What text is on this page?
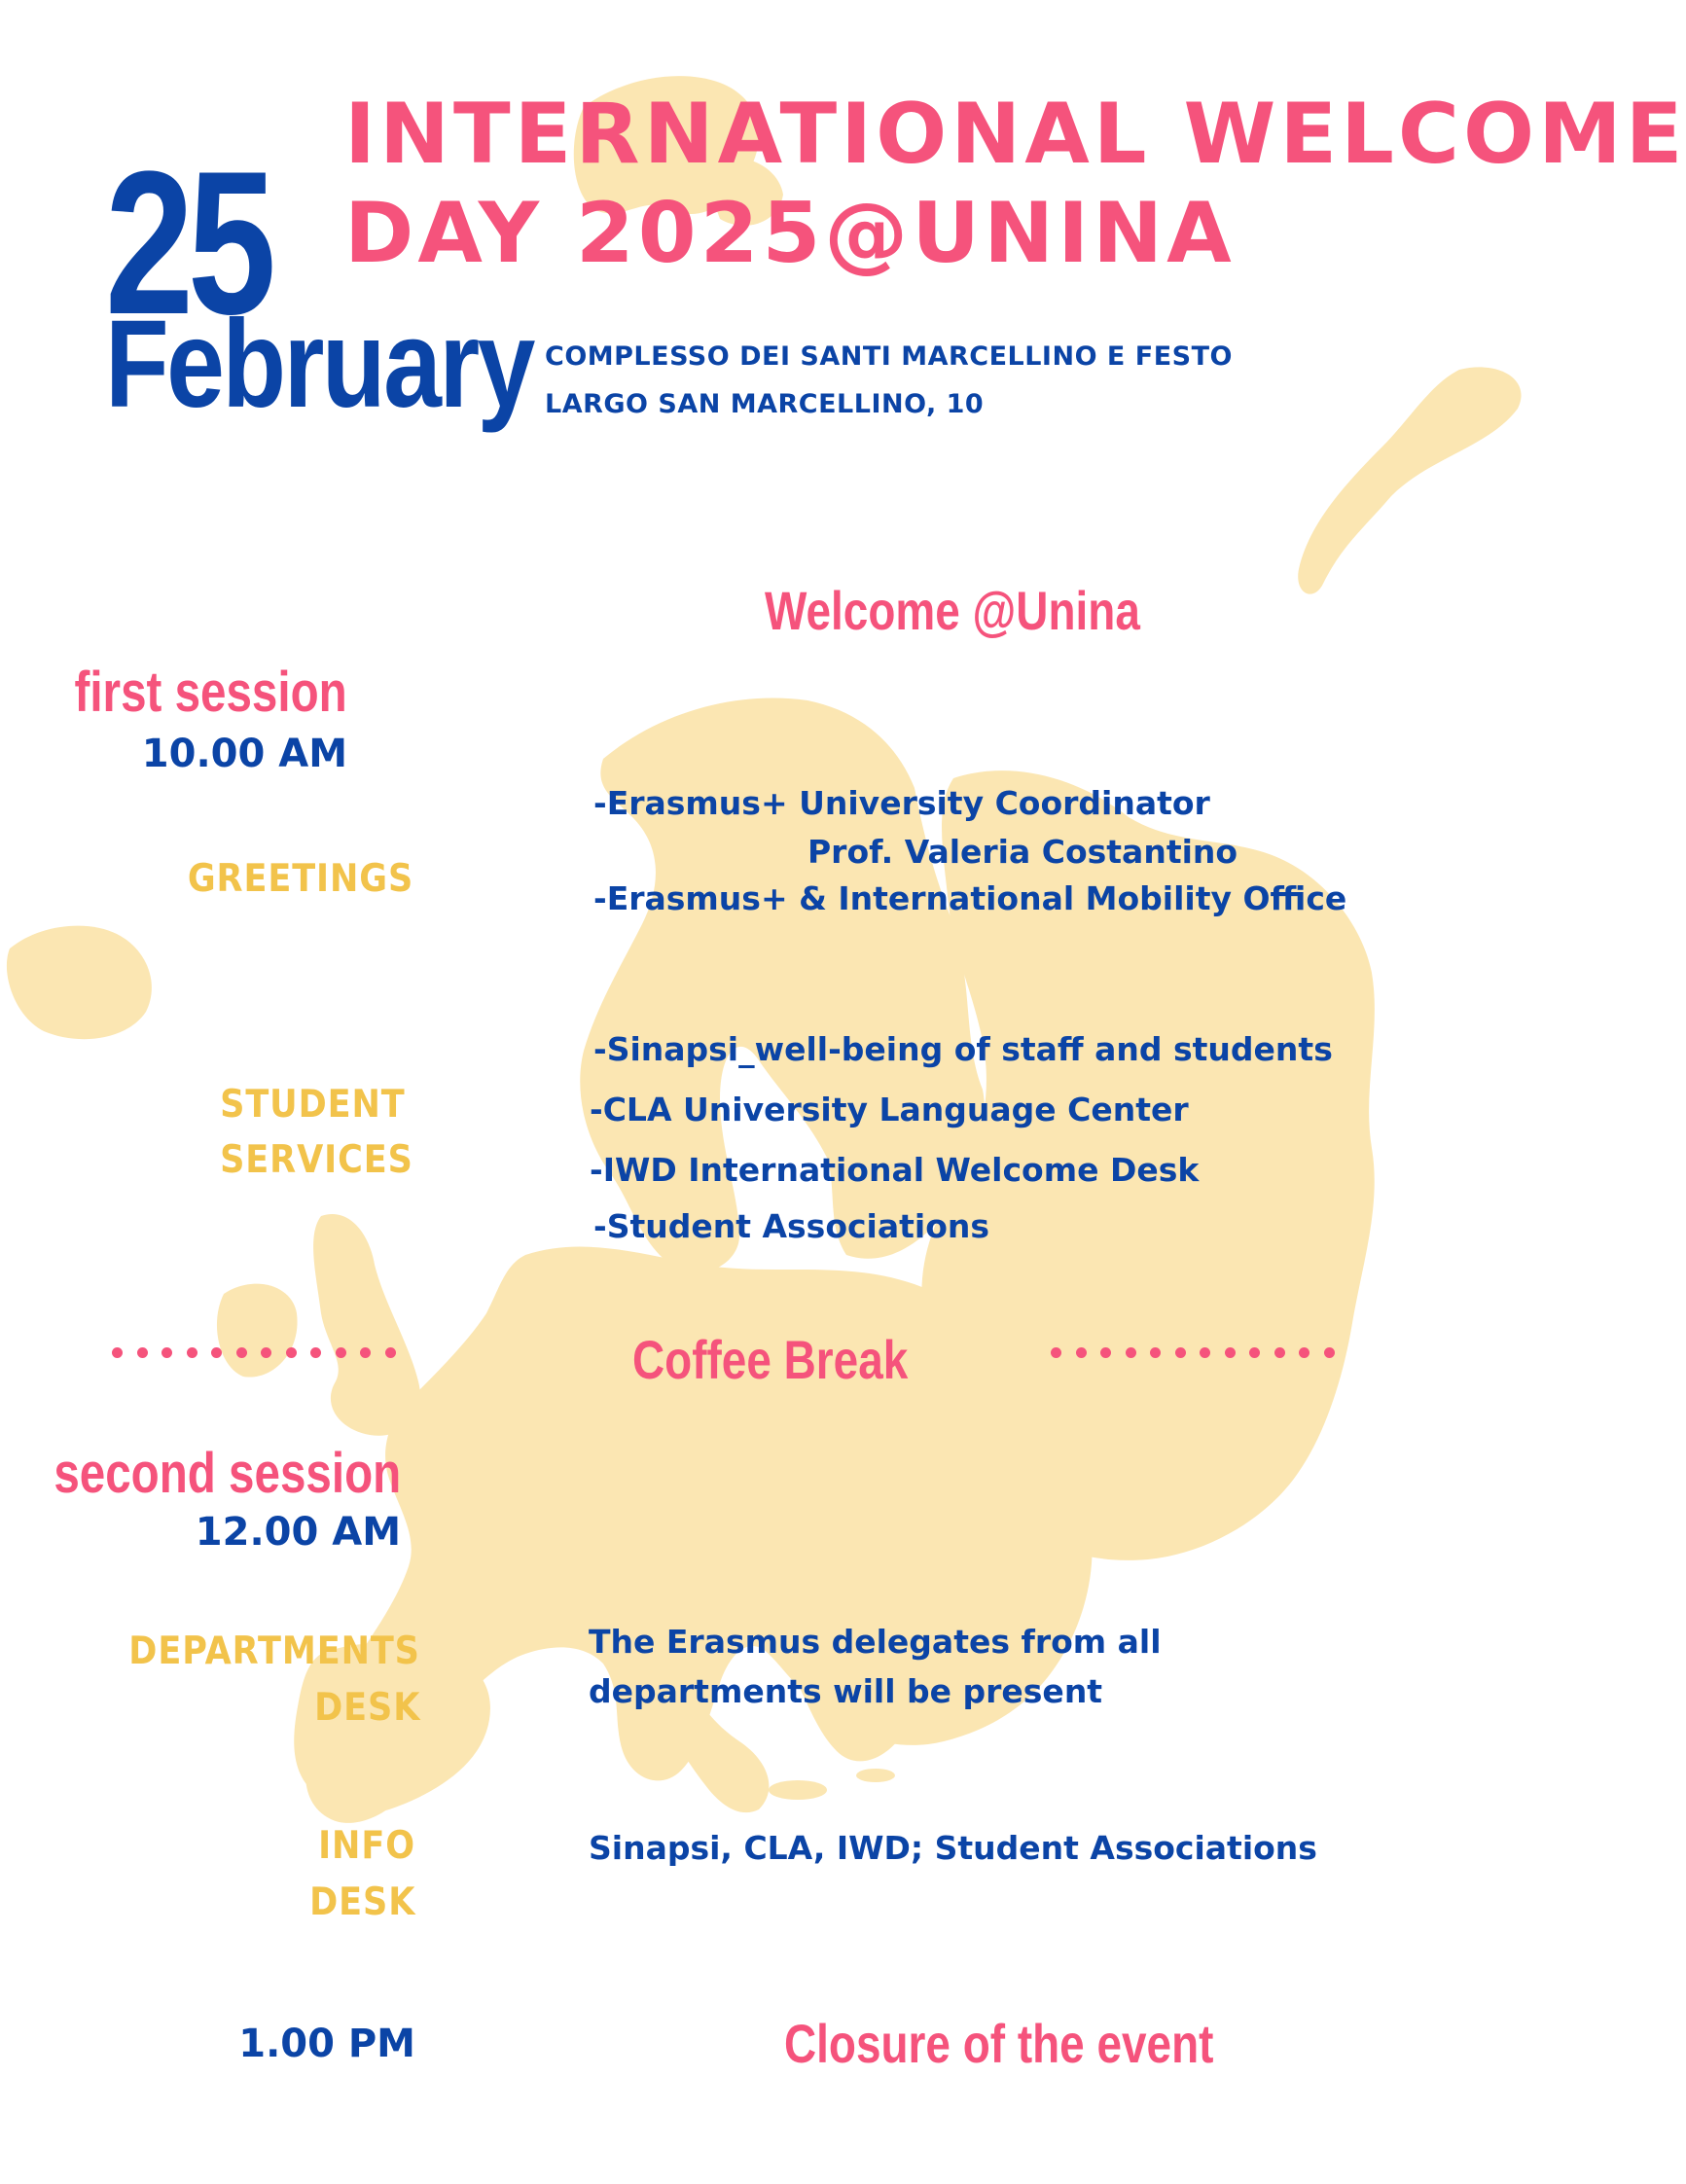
INTERNATIONAL WELCOME
DAY 2025@UNINA
25
February COMPLESSO DEI SANTI MARCELLINO E FESTO
LARGO SAN MARCELLINO, 10
Welcome @Unina
first session
10.00 AM
GREETINGS
-Erasmus+ University Coordinator
Prof. Valeria Costantino
-Erasmus+ & International Mobility Office
STUDENT
SERVICES
-Sinapsi_well-being of staff and students
-CLA University Language Center
-IWD International Welcome Desk
-Student Associations
Coffee Break
second session
12.00 AM
DEPARTMENTS
DESK
The Erasmus delegates from all
departments will be present
INFO
DESK
Sinapsi, CLA, IWD; Student Associations
1.00 PM	Closure of the event
